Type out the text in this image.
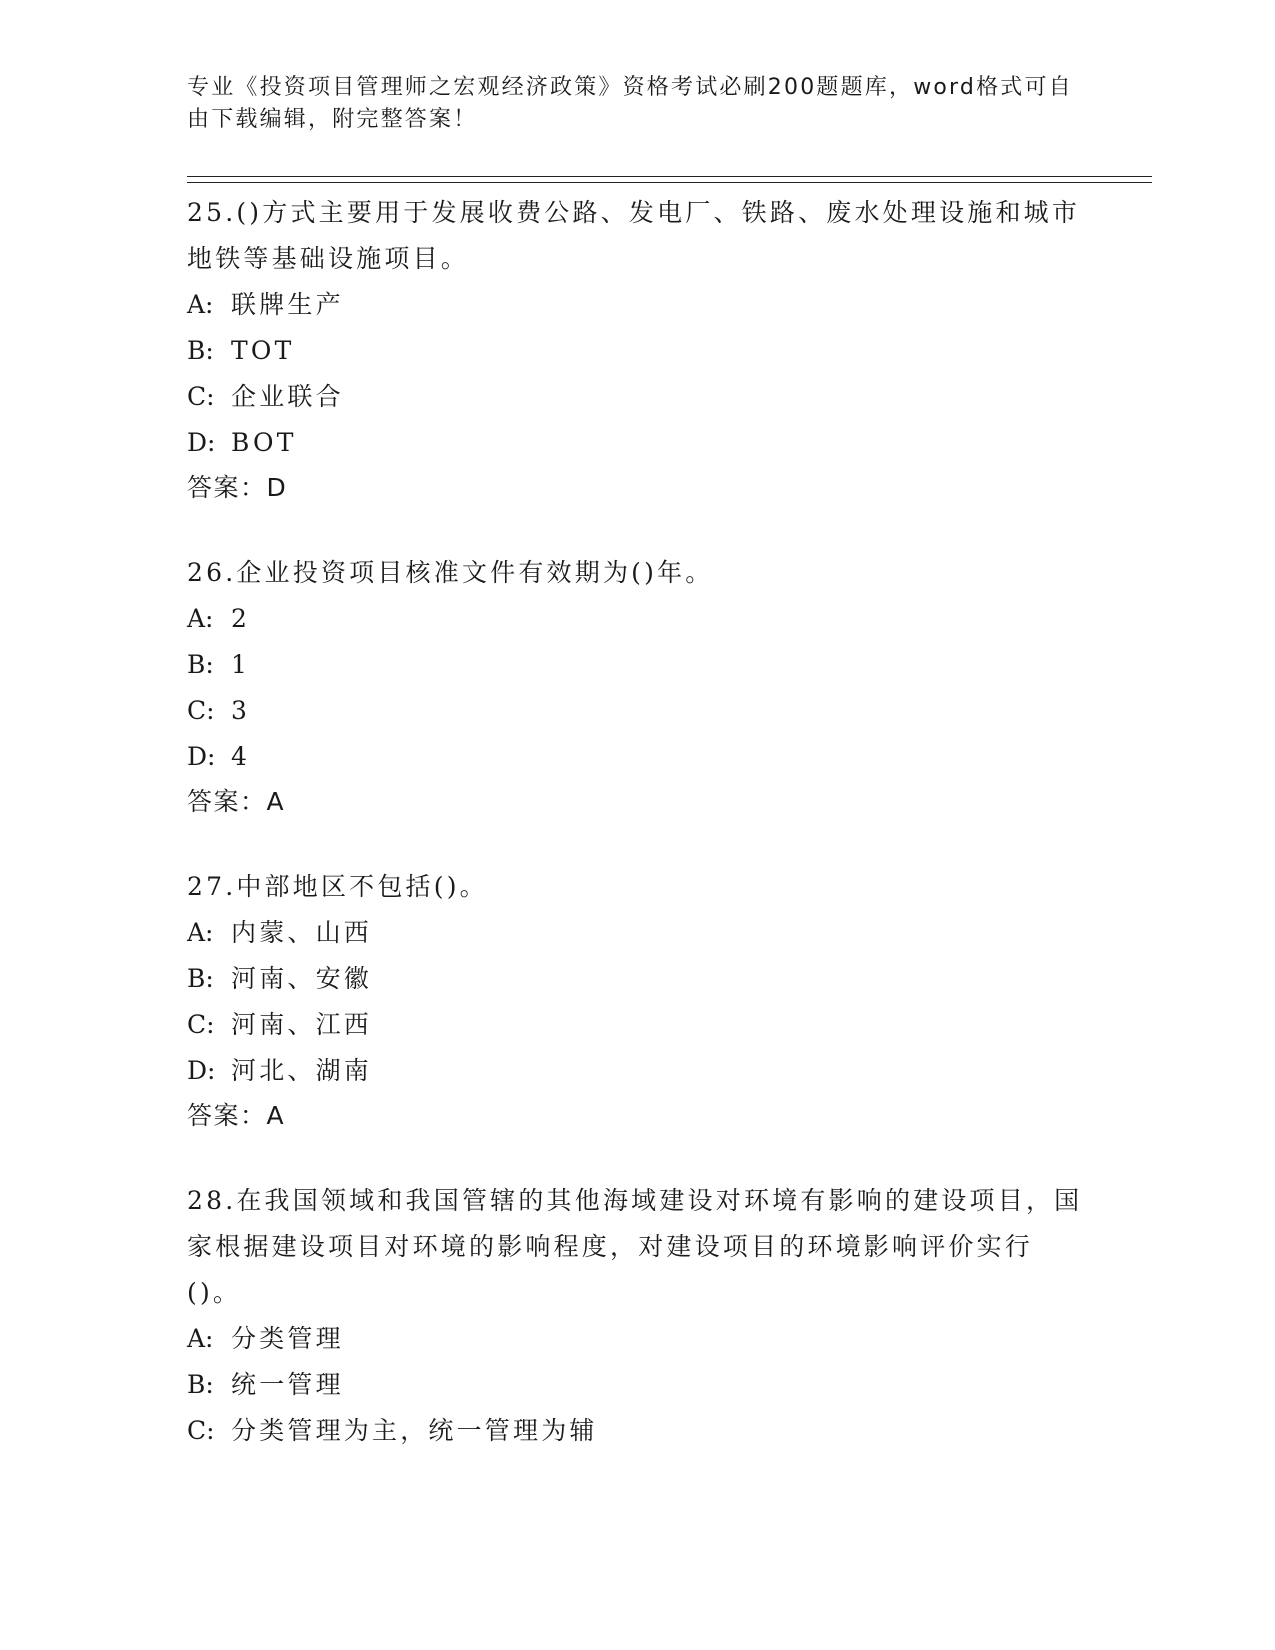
专业《投资项目管理师之宏观经济政策》资格考试必刷200题题库，word格式可自由下载编辑，附完整答案！
25.()方式主要用于发展收费公路、发电厂、铁路、废水处理设施和城市地铁等基础设施项目。
A: 联牌生产
B: TOT
C: 企业联合
D: BOT
答案：D
26.企业投资项目核准文件有效期为()年。
A: 2
B: 1
C: 3
D: 4
答案：A
27.中部地区不包括()。
A: 内蒙、山西
B: 河南、安徽
C: 河南、江西
D: 河北、湖南
答案：A
28.在我国领域和我国管辖的其他海域建设对环境有影响的建设项目，国家根据建设项目对环境的影响程度，对建设项目的环境影响评价实行()。
A: 分类管理
B: 统一管理
C: 分类管理为主，统一管理为辅
